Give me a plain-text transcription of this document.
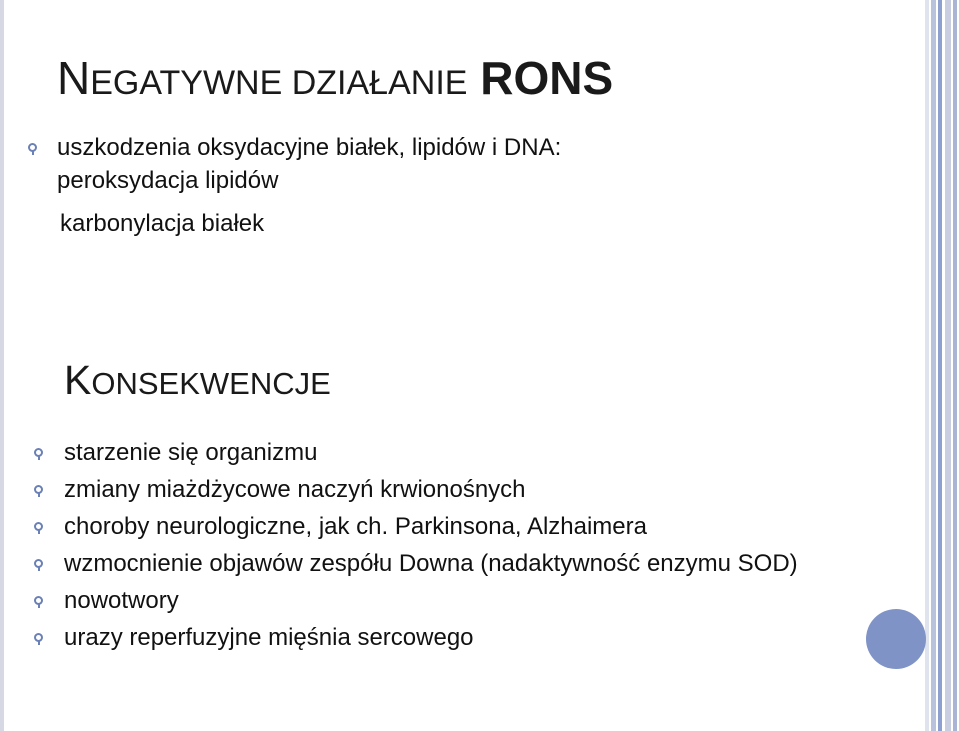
NEGATYWNE DZIAŁANIE RONS
uszkodzenia oksydacyjne białek, lipidów i DNA:
peroksydacja lipidów
karbonylacja białek
KONSEKWENCJE
starzenie się organizmu
zmiany miażdżycowe naczyń krwionośnych
choroby neurologiczne, jak ch. Parkinsona, Alzhaimera
wzmocnienie objawów zespółu Downa (nadaktywność enzymu SOD)
nowotwory
urazy reperfuzyjne mięśnia sercowego
